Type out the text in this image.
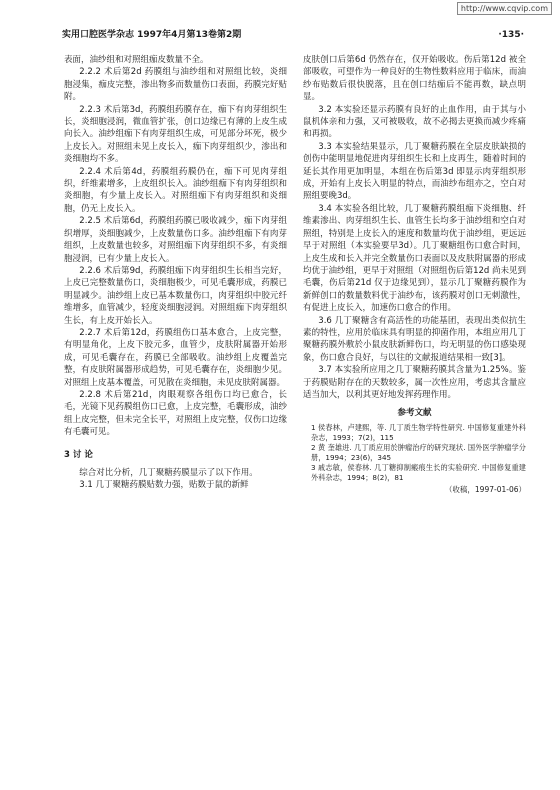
http://www.cqvip.com
实用口腔医学杂志 1997年4月第13卷第2期	·135·

表面，油纱组和对照组痂皮数量不全。

2.2.2 术后第2d 药膜组与油纱组和对照组比较，炎细胞浸集，痂皮完整，渗出物多而数量伤口表面，药膜完好贴附。

2.2.3 术后第3d，药膜组药膜存在，痂下有肉芽组织生长，炎细胞浸润，微血管扩张，创口边缘已有薄的上皮生成向长入。油纱组痂下有肉芽组织生成，可见部分坏死，极少上皮长入。对照组未见上皮长入，痂下肉芽组织少，渗出和炎细胞均不多。

2.2.4 术后第4d，药膜组药膜仍在，痂下可见肉芽组织，纤维素增多，上皮组织长入。油纱组痂下有肉芽组织和炎细胞，有少量上皮长入。对照组痂下有肉芽组织和炎细胞，仍无上皮长入。

2.2.5 术后第6d，药膜组药膜已吸收减少，痂下肉芽组织增厚，炎细胞减少，上皮数量伤口多。油纱组痂下有肉芽组织，上皮数量也较多，对照组痂下肉芽组织不多，有炎细胞浸润，已有少量上皮长入。

2.2.6 术后第9d，药膜组痂下肉芽组织生长相当完好，上皮已完整数量伤口，炎细胞极少，可见毛囊形成，药膜已明显减少。油纱组上皮已基本数量伤口，肉芽组织中胶元纤维增多，血管减少，轻度炎细胞浸润。对照组痂下肉芽组织生长，有上皮开始长入。

2.2.7 术后第12d，药膜组伤口基本愈合，上皮完整，有明显角化，上皮下胶元多，血管少，皮肤附属器开始形成，可见毛囊存在，药膜已全部吸收。油纱组上皮覆盖完整，有皮肤附属器形成趋势，可见毛囊存在，炎细胞少见。对照组上皮基本覆盖，可见散在炎细胞，未见皮肤附属器。

2.2.8 术后第21d，肉眼观察各组伤口均已愈合，长毛，光镜下见药膜组伤口已愈，上皮完整，毛囊形成，油纱组上皮完整，但未完全长平，对照组上皮完整，仅伤口边缘有毛囊可见。

3 讨 论

综合对比分析，几丁聚糖药膜显示了以下作用。

3.1 几丁聚糖药膜贴数力强，贴数于鼠的新鲜

皮肤创口后第6d 仍然存在，仅开始吸收。伤后第12d 被全部吸收，可望作为一种良好的生物性数料应用于临床，而油纱布贴数后很快脱落，且在创口结痂后不能再数，缺点明显。

3.2 本实验还显示药膜有良好的止血作用，由于其与小鼠机体亲和力强，又可被吸收，故不必揭去更换而减少疼痛和再损。

3.3 本实验结果显示，几丁聚糖药膜在全层皮肤缺损的创伤中能明显地促进肉芽组织生长和上皮再生，随着时间的延长其作用更加明显，本组在伤后第3d 即显示肉芽组织形成，开始有上皮长入明显的特点，而油纱布组亦之，空白对照组要晚3d。

3.4 本实验各组比较，几丁聚糖药膜组痂下炎细胞、纤维素渗出、肉芽组织生长、血管生长均多于油纱组和空白对照组，特别是上皮长入的速度和数量均优于油纱组，更远远早于对照组（本实验要早3d）。几丁聚糖组伤口愈合时间，上皮生成和长入并完全数量伤口表面以及皮肤附属器的形成均优于油纱组，更早于对照组（对照组伤后第12d 尚未见到毛囊，伤后第21d 仅于边缘见到），显示几丁聚糖药膜作为新鲜创口的数量数料优于油纱布，该药膜对创口无刺激性，有促进上皮长入，加速伤口愈合的作用。

3.6 几丁聚糖含有高活性的功能基团，表现出类似抗生素的特性，应用於临床具有明显的抑菌作用，本组应用几丁聚糖药膜外敷於小鼠皮肤新鲜伤口，均无明显的伤口感染现象，伤口愈合良好，与以往的文献报道结果相一致[3]。

3.7 本实验所应用之几丁聚糖药膜其含量为1.25%。鉴于药膜贴附存在的天数较多，属一次性应用，考虑其含量应适当加大，以利其更好地发挥药理作用。

参考文献

1 侯春林，卢建熙，等. 几丁质生物学特性研究. 中国修复重建外科杂志，1993；7(2)，115

2 黄 奎雄进. 几丁质应用於肿瘤治疗的研究现状. 国外医学肿瘤学分册，1994；23(6)，345

3 戚志敏，侯春林. 几丁糖抑制瘢痕生长的实验研究. 中国修复重建外科杂志，1994；8(2)，81

（收稿，1997-01-06）
